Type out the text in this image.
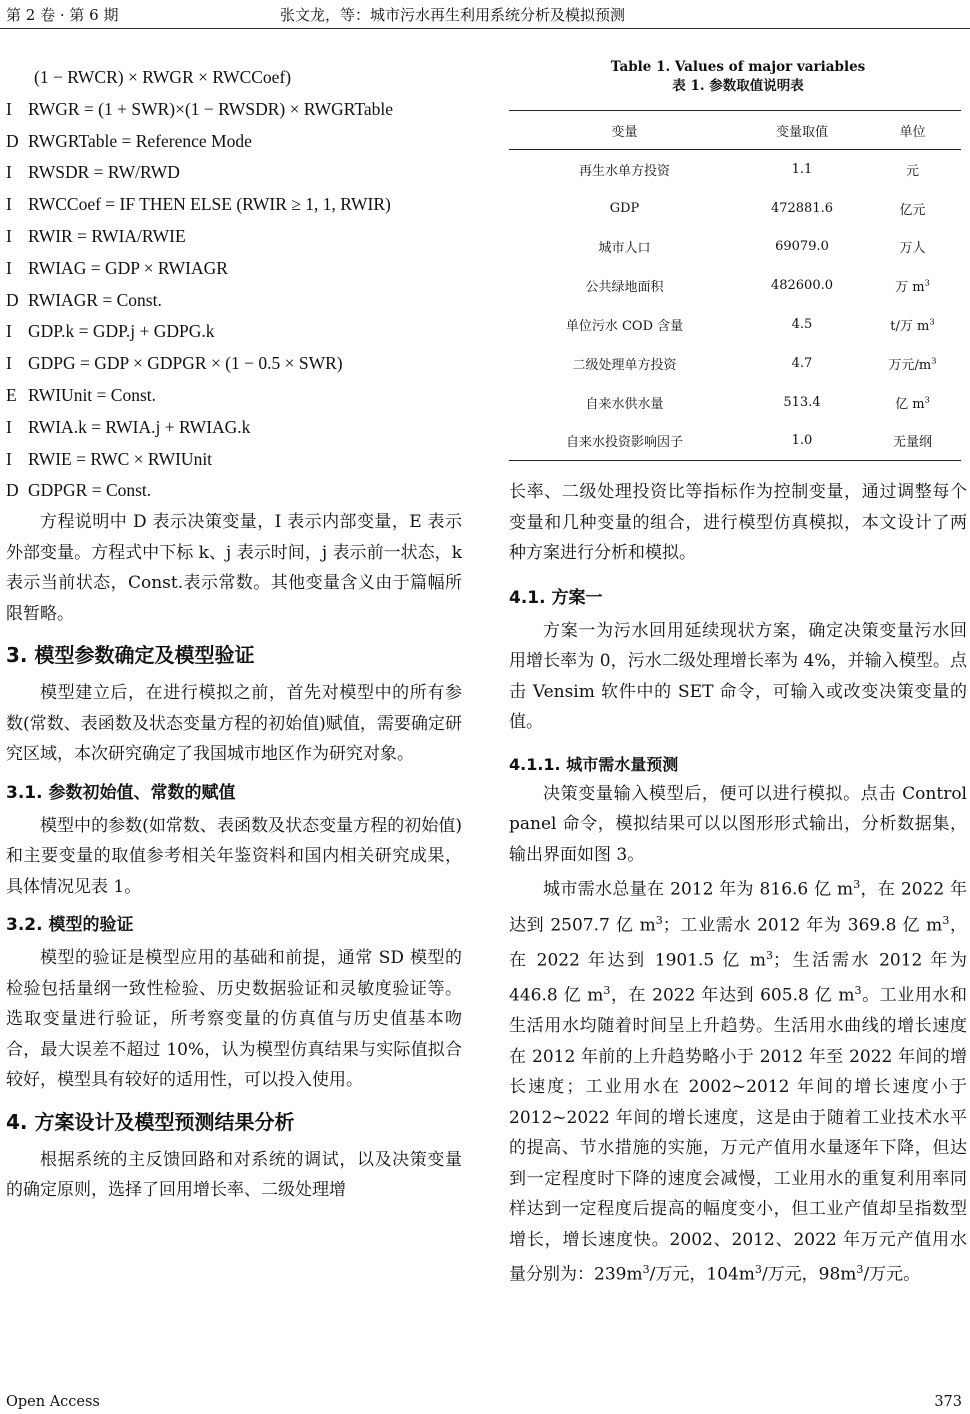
第 2 卷 · 第 6 期	张文龙，等：城市污水再生利用系统分析及模拟预测
(1 − RWCR) × RWGR × RWCCoef)
I RWGR = (1 + SWR)×(1 − RWSDR) × RWGRTable
D RWGRTable = Reference Mode
I RWSDR = RW/RWD
I RWCCoef = IF THEN ELSE (RWIR ≥ 1, 1, RWIR)
I RWIR = RWIA/RWIE
I RWIAG = GDP × RWIAGR
D RWIAGR = Const.
I GDP.k = GDP.j + GDPG.k
I GDPG = GDP × GDPGR × (1 − 0.5 × SWR)
E RWIUnit = Const.
I RWIA.k = RWIA.j + RWIAG.k
I RWIE = RWC × RWIUnit
D GDPGR = Const.

方程说明中 D 表示决策变量，I 表示内部变量，E 表示外部变量。方程式中下标 k、j 表示时间，j 表示前一状态，k 表示当前状态，Const.表示常数。其他变量含义由于篇幅所限暂略。

3. 模型参数确定及模型验证

模型建立后，在进行模拟之前，首先对模型中的所有参数(常数、表函数及状态变量方程的初始值)赋值，需要确定研究区域，本次研究确定了我国城市地区作为研究对象。

3.1. 参数初始值、常数的赋值

模型中的参数(如常数、表函数及状态变量方程的初始值)和主要变量的取值参考相关年鉴资料和国内相关研究成果，具体情况见表 1。

3.2. 模型的验证

模型的验证是模型应用的基础和前提，通常 SD 模型的检验包括量纲一致性检验、历史数据验证和灵敏度验证等。选取变量进行验证，所考察变量的仿真值与历史值基本吻合，最大误差不超过 10%，认为模型仿真结果与实际值拟合较好，模型具有较好的适用性，可以投入使用。

4. 方案设计及模型预测结果分析

根据系统的主反馈回路和对系统的调试，以及决策变量的确定原则，选择了回用增长率、二级处理增

Table 1. Values of major variables
表 1. 参数取值说明表
变量	变量取值	单位
再生水单方投资	1.1	元
GDP	472881.6	亿元
城市人口	69079.0	万人
公共绿地面积	482600.0	万 $m^3$
单位污水 COD 含量	4.5	t/万 $m^3$
二级处理单方投资	4.7	万元$/m^3$
自来水供水量	513.4	亿 $m^3$
自来水投资影响因子	1.0	无量纲

长率、二级处理投资比等指标作为控制变量，通过调整每个变量和几种变量的组合，进行模型仿真模拟，本文设计了两种方案进行分析和模拟。

4.1. 方案一

方案一为污水回用延续现状方案，确定决策变量污水回用增长率为 0，污水二级处理增长率为 4%，并输入模型。点击 Vensim 软件中的 SET 命令，可输入或改变决策变量的值。

4.1.1. 城市需水量预测

决策变量输入模型后，便可以进行模拟。点击 Control panel 命令，模拟结果可以以图形形式输出，分析数据集，输出界面如图 3。

城市需水总量在 2012 年为 816.6 亿 $m^3$，在 2022 年达到 2507.7 亿 $m^3$；工业需水 2012 年为 369.8 亿 $m^3$，在 2022 年达到 1901.5 亿 $m^3$；生活需水 2012 年为 446.8 亿 $m^3$，在 2022 年达到 605.8 亿 $m^3$。工业用水和生活用水均随着时间呈上升趋势。生活用水曲线的增长速度在 2012 年前的上升趋势略小于 2012 年至 2022 年间的增长速度；工业用水在 2002~2012 年间的增长速度小于 2012~2022 年间的增长速度，这是由于随着工业技术水平的提高、节水措施的实施，万元产值用水量逐年下降，但达到一定程度时下降的速度会减慢，工业用水的重复利用率同样达到一定程度后提高的幅度变小，但工业产值却呈指数型增长，增长速度快。2002、2012、2022 年万元产值用水量分别为：$239m^3/$万元，$104m^3/$万元，$98m^3/$万元。

Open Access	373
